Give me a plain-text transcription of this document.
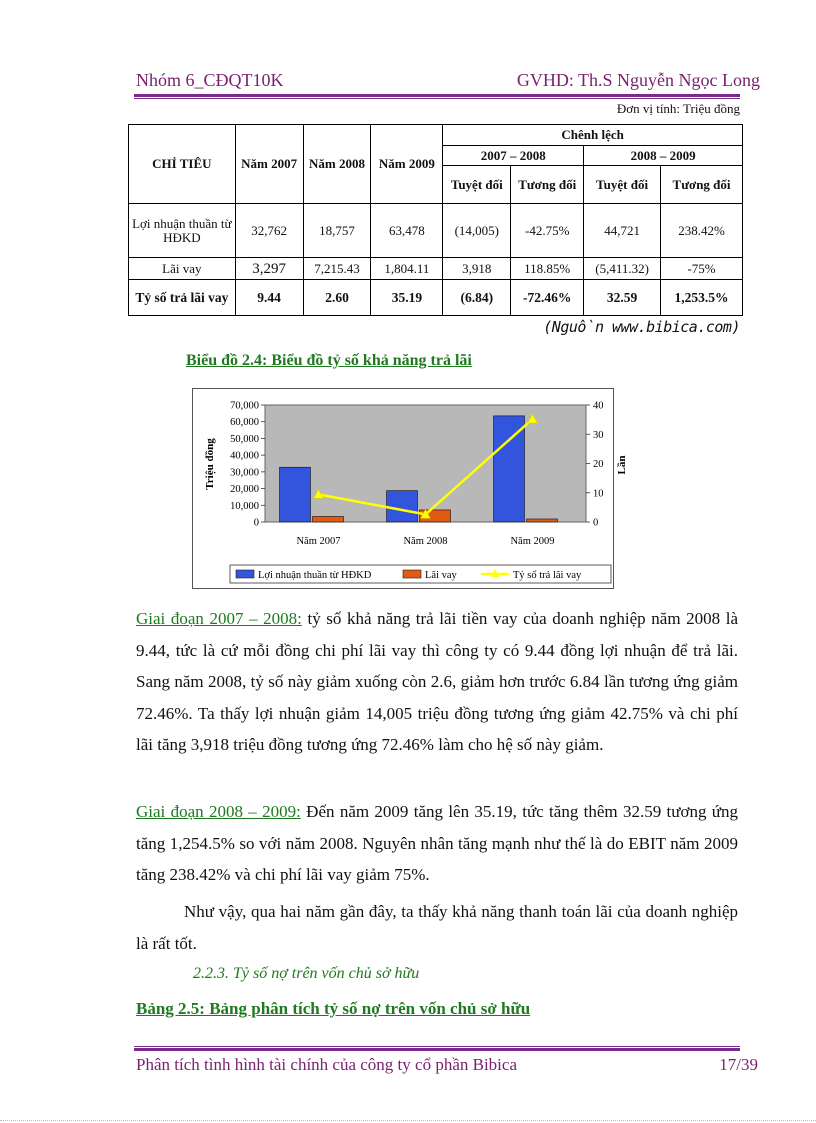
Nhóm 6_CĐQT10K	GVHD: Th.S Nguyễn Ngọc Long
Đơn vị tính: Triệu đồng
CHỈ TIÊU	Năm 2007	Năm 2008	Năm 2009	Chênh lệch			
				2007 – 2008		2008 – 2009	
				Tuyệt đối	Tương đối	Tuyệt đối	Tương đối
Lợi nhuận thuần từ HĐKD	32,762	18,757	63,478	(14,005)	-42.75%	44,721	238.42%
Lãi vay	3,297	7,215.43	1,804.11	3,918	118.85%	(5,411.32)	-75%
Tỷ số trả lãi vay	9.44	2.60	35.19	(6.84)	-72.46%	32.59	1,253.5%
(Nguồn www.bibica.com)
Biểu đồ 2.4: Biểu đồ tỷ số khả năng trả lãi
70,000
60,000
50,000
40,000
30,000
20,000
10,000
0
40
30
20
10
0
Năm 2007	Năm 2008	Năm 2009
Triệu đồng	Lần
Lợi nhuận thuần từ HĐKD	Lãi vay	Tỷ số trả lãi vay
Giai đoạn 2007 – 2008: tỷ số khả năng trả lãi tiền vay của doanh nghiệp năm 2008 là 9.44, tức là cứ mỗi đồng chi phí lãi vay thì công ty có 9.44 đồng lợi nhuận để trả lãi. Sang năm 2008, tỷ số này giảm xuống còn 2.6, giảm hơn trước 6.84 lần tương ứng giảm 72.46%. Ta thấy lợi nhuận giảm 14,005 triệu đồng tương ứng giảm 42.75% và chi phí lãi tăng 3,918 triệu đồng tương ứng 72.46% làm cho hệ số này giảm.
Giai đoạn 2008 – 2009: Đến năm 2009 tăng lên 35.19, tức tăng thêm 32.59 tương ứng tăng 1,254.5% so với năm 2008. Nguyên nhân tăng mạnh như thế là do EBIT năm 2009 tăng 238.42% và chi phí lãi vay giảm 75%.
Như vậy, qua hai năm gần đây, ta thấy khả năng thanh toán lãi của doanh nghiệp là rất tốt.
2.2.3. Tỷ số nợ trên vốn chủ sở hữu
Bảng 2.5: Bảng phân tích tỷ số nợ trên vốn chủ sở hữu
Phân tích tình hình tài chính của công ty cổ phần Bibica	17/39
